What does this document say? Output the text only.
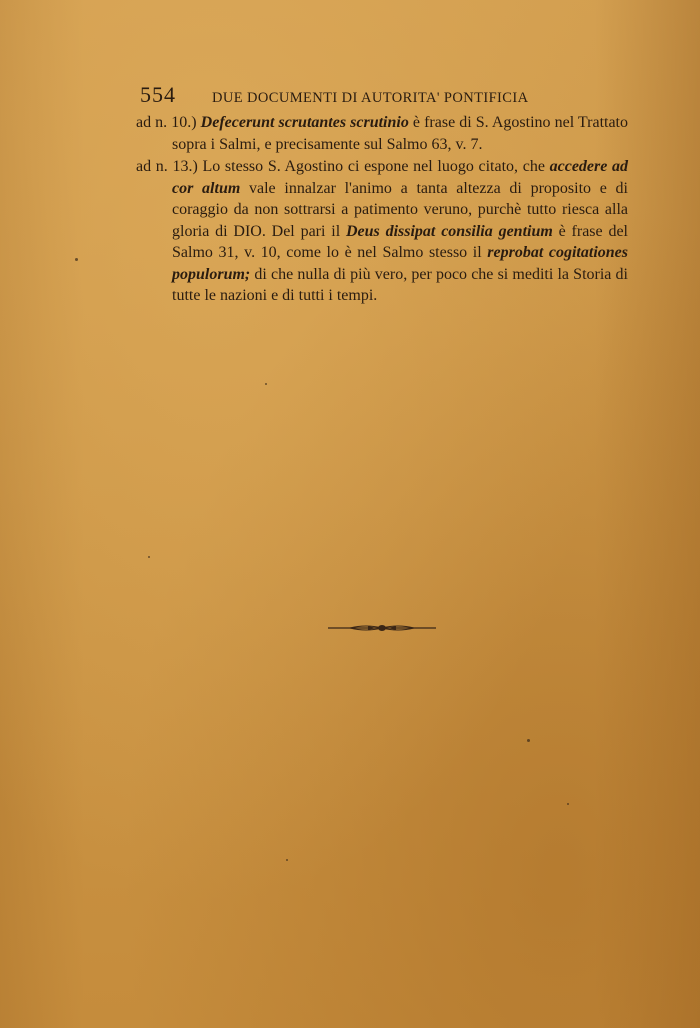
554	DUE DOCUMENTI DI AUTORITA' PONTIFICIA

ad n. 10.) Defecerunt scrutantes scrutinio è frase di S. Agostino nel Trattato sopra i Salmi, e precisamente sul Salmo 63, v. 7.

ad n. 13.) Lo stesso S. Agostino ci espone nel luogo citato, che accedere ad cor altum vale innalzar l'animo a tanta altezza di proposito e di coraggio da non sottrarsi a patimento veruno, purchè tutto riesca alla gloria di DIO. Del pari il Deus dissipat consilia gentium è frase del Salmo 31, v. 10, come lo è nel Salmo stesso il reprobat cogitationes populorum; di che nulla di più vero, per poco che si mediti la Storia di tutte le nazioni e di tutti i tempi.
